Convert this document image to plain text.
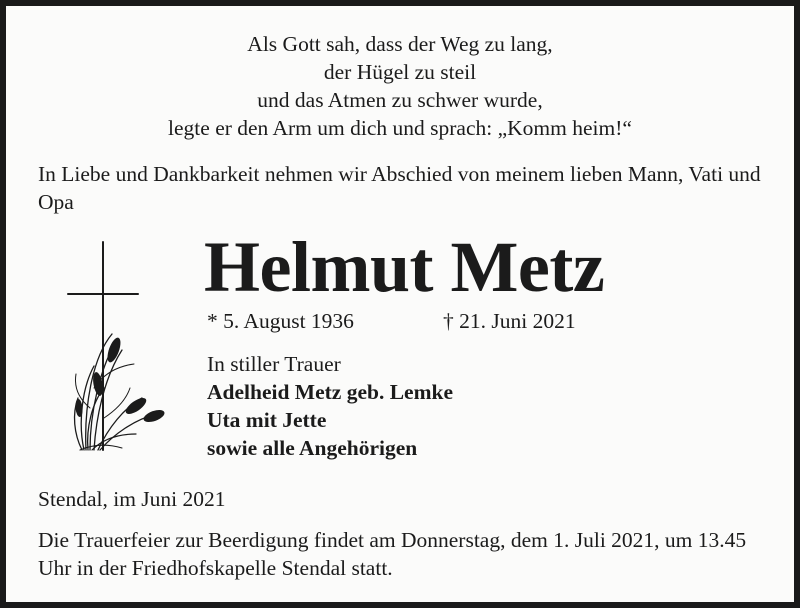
Als Gott sah, dass der Weg zu lang,
der Hügel zu steil
und das Atmen zu schwer wurde,
legte er den Arm um dich und sprach: „Komm heim!“
In Liebe und Dankbarkeit nehmen wir Abschied von meinem lieben Mann, Vati und Opa
Helmut Metz
* 5. August 1936	† 21. Juni 2021
In stiller Trauer
Adelheid Metz geb. Lemke
Uta mit Jette
sowie alle Angehörigen
Stendal, im Juni 2021
Die Trauerfeier zur Beerdigung findet am Donnerstag, dem 1. Juli 2021, um 13.45 Uhr in der Friedhofskapelle Stendal statt.
